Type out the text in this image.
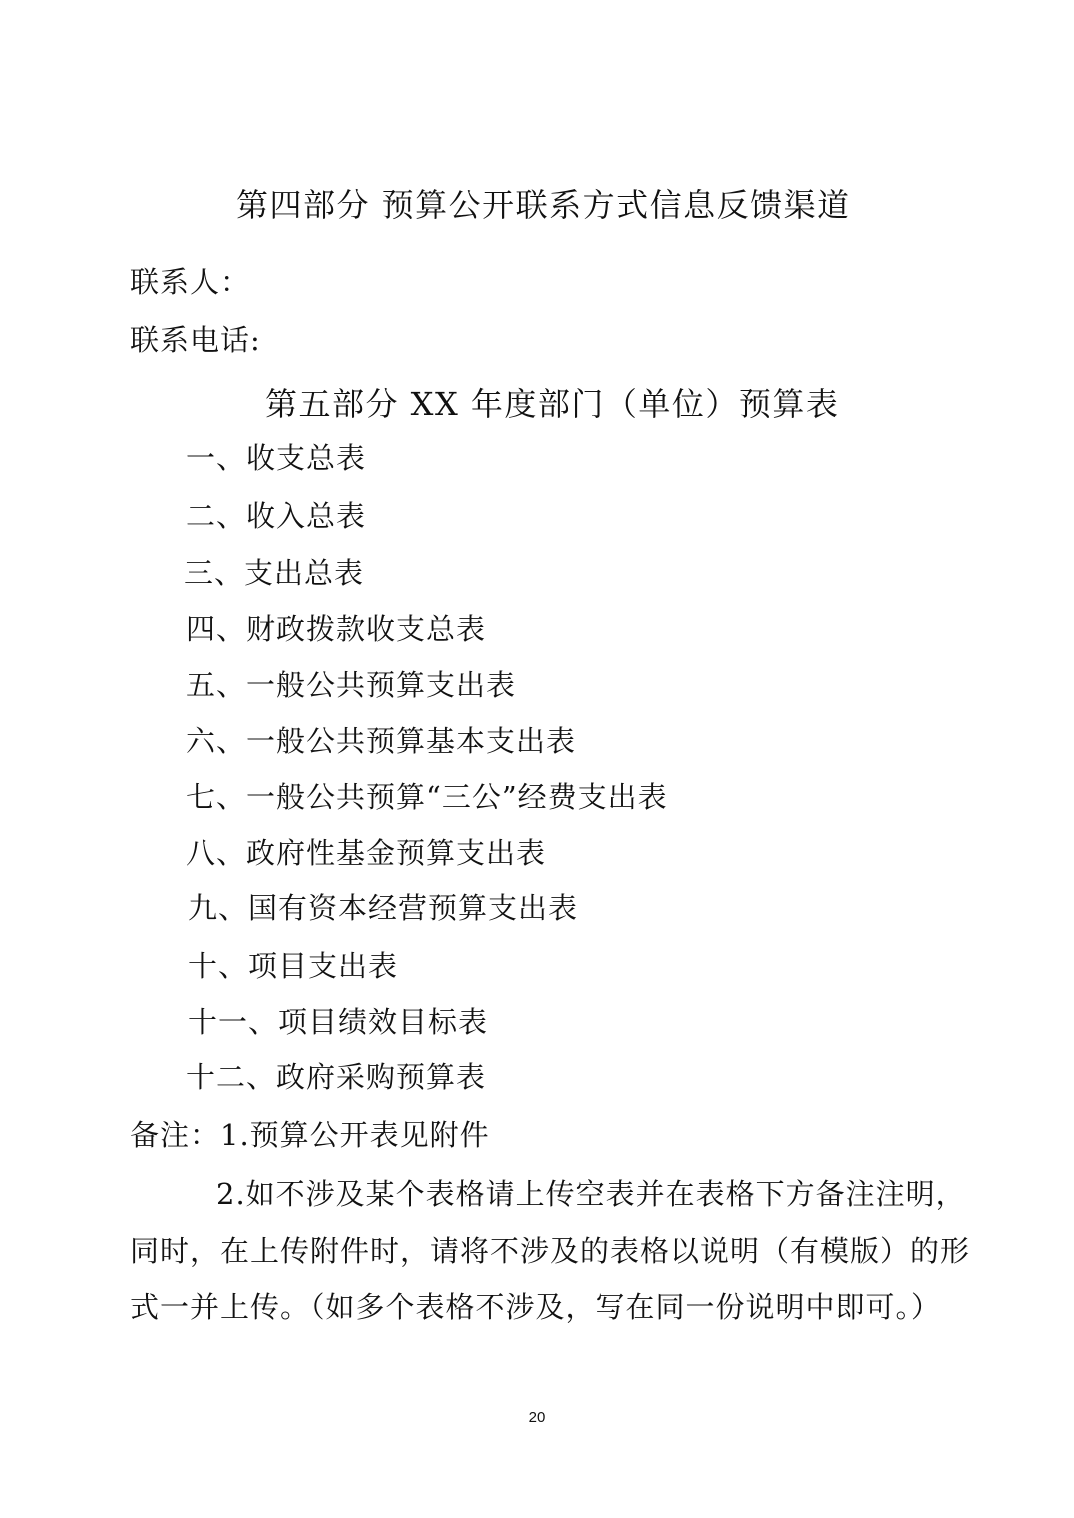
第四部分 预算公开联系方式信息反馈渠道
联系人：
联系电话:
第五部分 XX 年度部门（单位）预算表
一、收支总表
二、收入总表
三、支出总表
四、财政拨款收支总表
五、一般公共预算支出表
六、一般公共预算基本支出表
七、一般公共预算“三公”经费支出表
八、政府性基金预算支出表
九、国有资本经营预算支出表
十、项目支出表
十一、项目绩效目标表
十二、政府采购预算表
备注：1.预算公开表见附件
2.如不涉及某个表格请上传空表并在表格下方备注注明，
同时，在上传附件时，请将不涉及的表格以说明（有模版）的形
式一并上传。（如多个表格不涉及，写在同一份说明中即可。）
20
